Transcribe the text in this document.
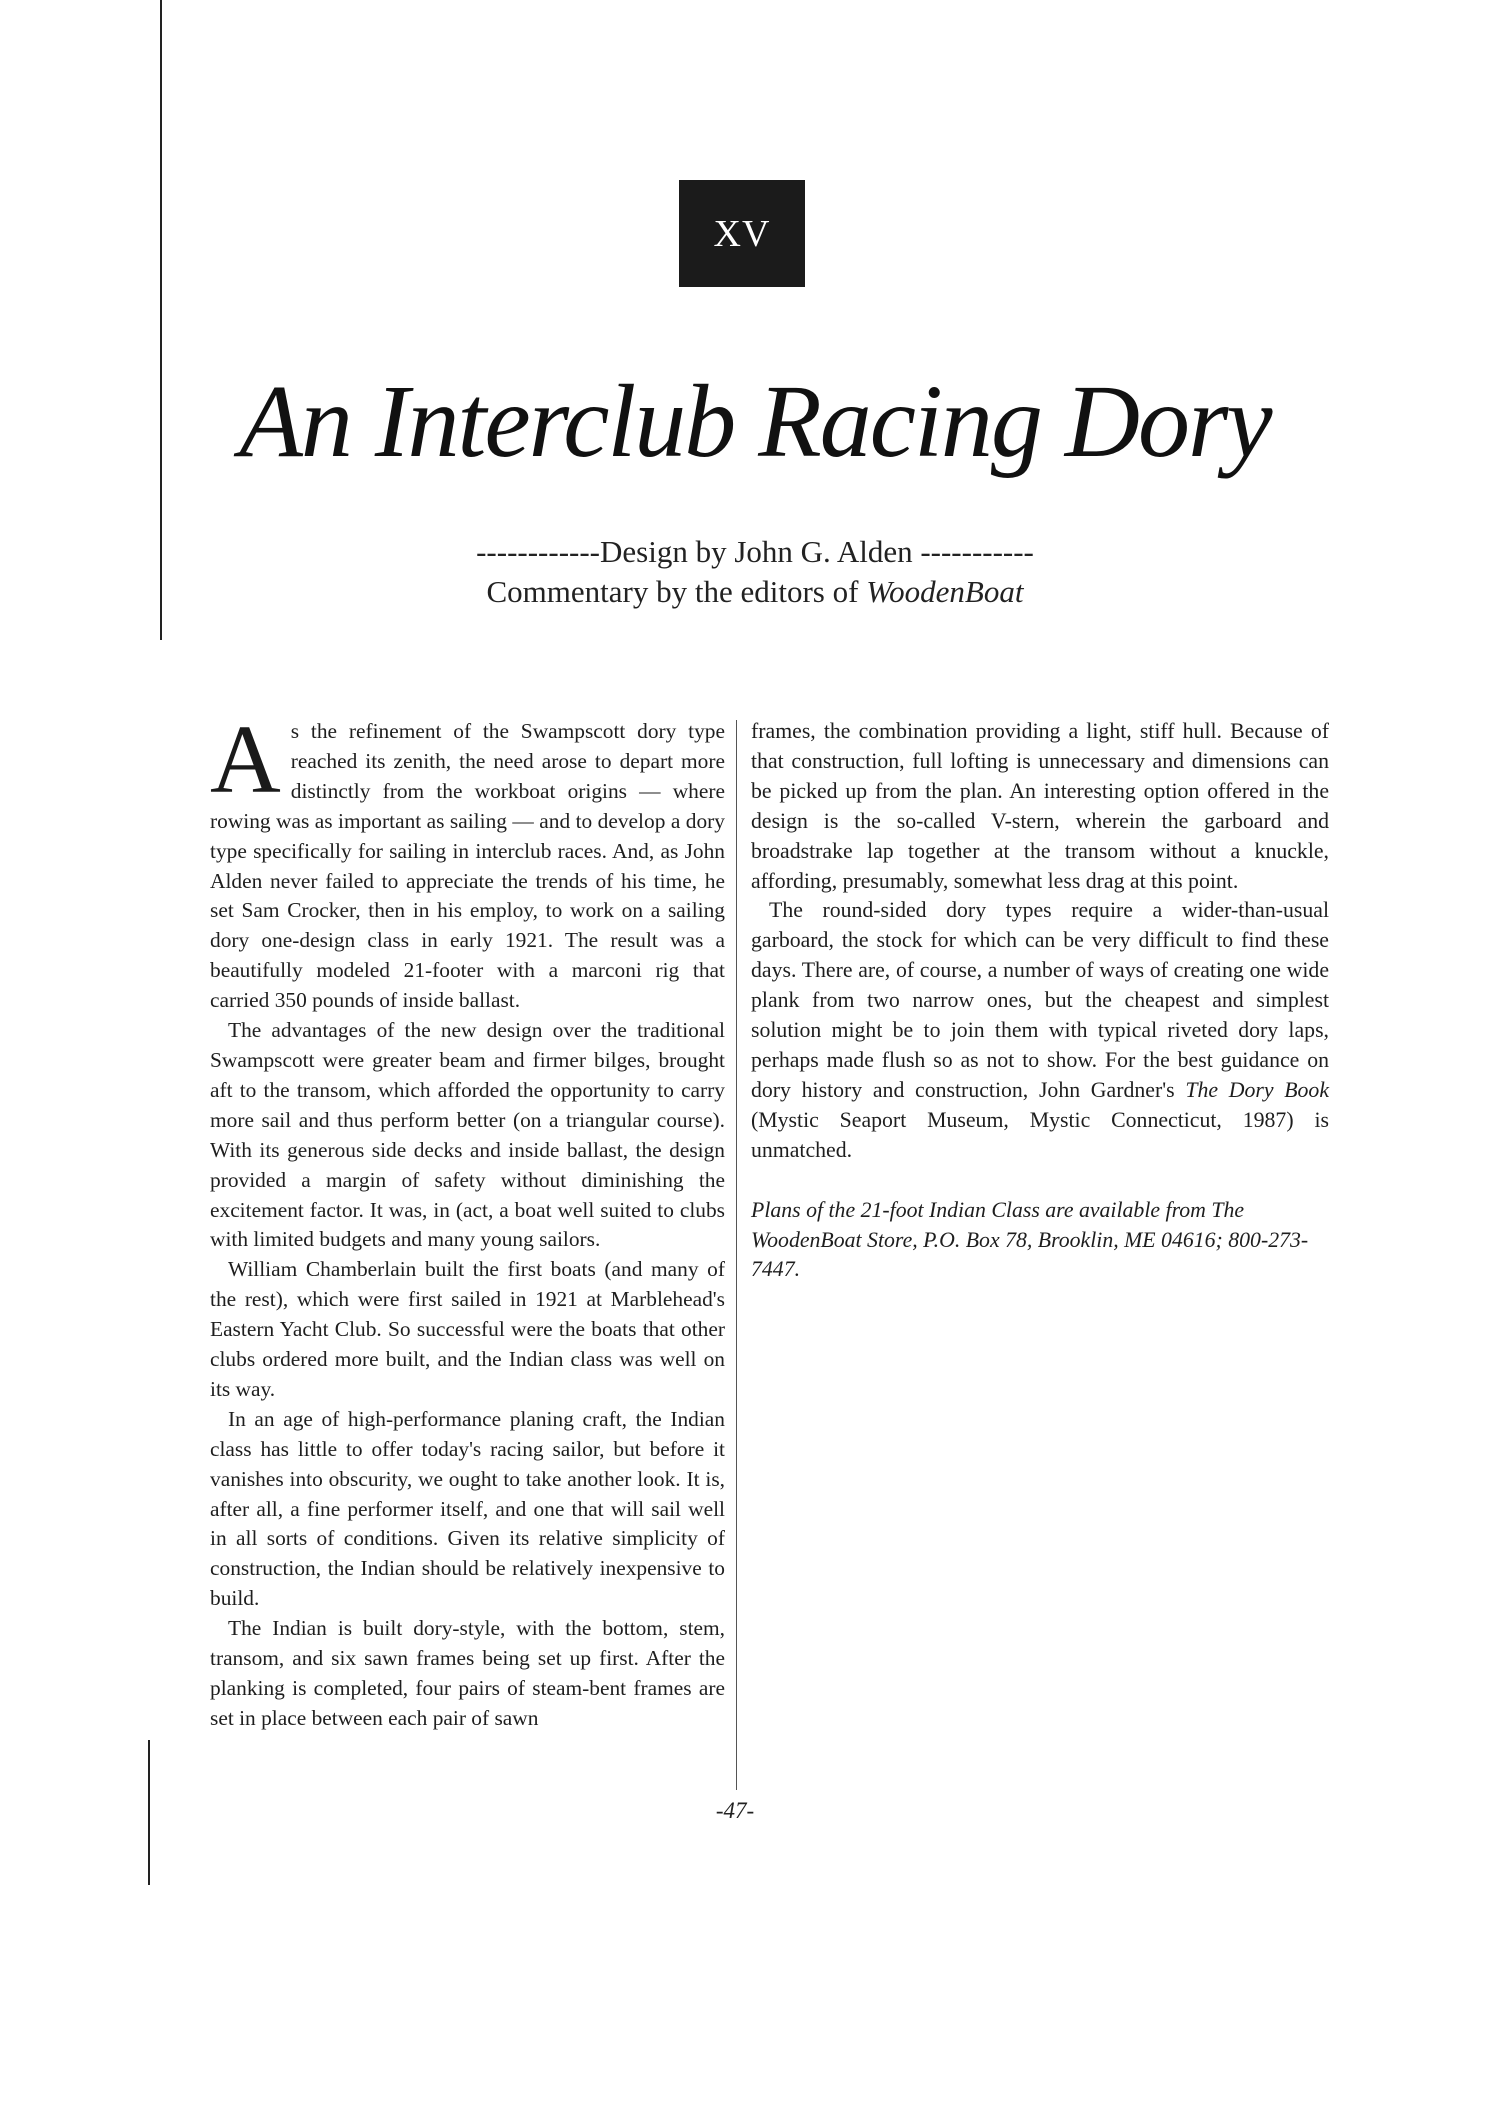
XV
An Interclub Racing Dory
------------Design by John G. Alden -----------
Commentary by the editors of WoodenBoat

As the refinement of the Swampscott dory type reached its zenith, the need arose to depart more distinctly from the workboat origins — where rowing was as important as sailing — and to develop a dory type specifically for sailing in interclub races. And, as John Alden never failed to appreciate the trends of his time, he set Sam Crocker, then in his employ, to work on a sailing dory one-design class in early 1921. The result was a beautifully modeled 21-footer with a marconi rig that carried 350 pounds of inside ballast.

The advantages of the new design over the traditional Swampscott were greater beam and firmer bilges, brought aft to the transom, which afforded the opportunity to carry more sail and thus perform better (on a triangular course). With its generous side decks and inside ballast, the design provided a margin of safety without diminishing the excitement factor. It was, in (act, a boat well suited to clubs with limited budgets and many young sailors.

William Chamberlain built the first boats (and many of the rest), which were first sailed in 1921 at Marblehead's Eastern Yacht Club. So successful were the boats that other clubs ordered more built, and the Indian class was well on its way.

In an age of high-performance planing craft, the Indian class has little to offer today's racing sailor, but before it vanishes into obscurity, we ought to take another look. It is, after all, a fine performer itself, and one that will sail well in all sorts of conditions. Given its relative simplicity of construction, the Indian should be relatively inexpensive to build.

The Indian is built dory-style, with the bottom, stem, transom, and six sawn frames being set up first. After the planking is completed, four pairs of steam-bent frames are set in place between each pair of sawn

frames, the combination providing a light, stiff hull. Because of that construction, full lofting is unnecessary and dimensions can be picked up from the plan. An interesting option offered in the design is the so-called V-stern, wherein the garboard and broadstrake lap together at the transom without a knuckle, affording, presumably, somewhat less drag at this point.

The round-sided dory types require a wider-than-usual garboard, the stock for which can be very difficult to find these days. There are, of course, a number of ways of creating one wide plank from two narrow ones, but the cheapest and simplest solution might be to join them with typical riveted dory laps, perhaps made flush so as not to show. For the best guidance on dory history and construction, John Gardner's The Dory Book (Mystic Seaport Museum, Mystic Connecticut, 1987) is unmatched.

Plans of the 21-foot Indian Class are available from The WoodenBoat Store, P.O. Box 78, Brooklin, ME 04616; 800-273-7447.

-47-
